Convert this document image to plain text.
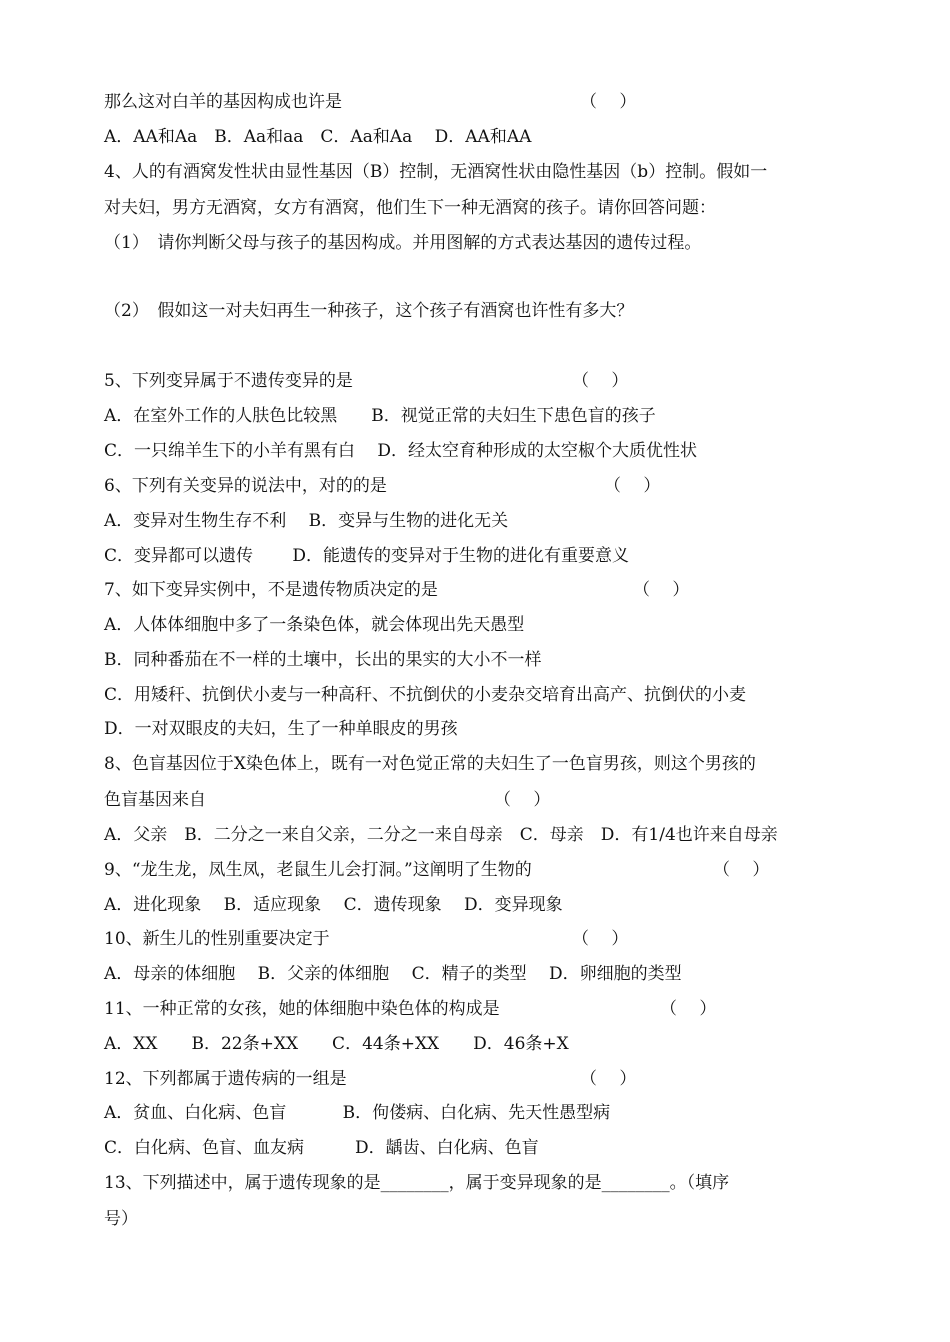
那么这对白羊的基因构成也许是	（　 ）
A．AA和Aa　B．Aa和aa　C．Aa和Aa　 D．AA和AA
4、人的有酒窝发性状由显性基因（B）控制，无酒窝性状由隐性基因（b）控制。假如一
对夫妇，男方无酒窝，女方有酒窝，他们生下一种无酒窝的孩子。请你回答问题：
（1）　请你判断父母与孩子的基因构成。并用图解的方式表达基因的遗传过程。
（2）　假如这一对夫妇再生一种孩子，这个孩子有酒窝也许性有多大？
5、下列变异属于不遗传变异的是	（　 ）
A．在室外工作的人肤色比较黑　　B．视觉正常的夫妇生下患色盲的孩子
C．一只绵羊生下的小羊有黑有白　 D．经太空育种形成的太空椒个大质优性状
6、下列有关变异的说法中，对的的是	（　 ）
A．变异对生物生存不利　 B．变异与生物的进化无关
C．变异都可以遗传　　 D．能遗传的变异对于生物的进化有重要意义
7、如下变异实例中，不是遗传物质决定的是	（　 ）
A．人体体细胞中多了一条染色体，就会体现出先天愚型
B．同种番茄在不一样的土壤中，长出的果实的大小不一样
C．用矮秆、抗倒伏小麦与一种高秆、不抗倒伏的小麦杂交培育出高产、抗倒伏的小麦
D．一对双眼皮的夫妇，生了一种单眼皮的男孩
8、色盲基因位于X染色体上，既有一对色觉正常的夫妇生了一色盲男孩，则这个男孩的
色盲基因来自	（　 ）
A．父亲　B．二分之一来自父亲，二分之一来自母亲　C．母亲　D．有1/4也许来自母亲
9、“龙生龙，凤生凤，老鼠生儿会打洞。”这阐明了生物的	（　 ）
A．进化现象　 B．适应现象　 C．遗传现象　 D．变异现象
10、新生儿的性别重要决定于	（　 ）
A．母亲的体细胞　 B．父亲的体细胞　 C．精子的类型　 D．卵细胞的类型
11、一种正常的女孩，她的体细胞中染色体的构成是	（　 ）
A．XX　　B．22条+XX　　C．44条+XX　　D．46条+X
12、下列都属于遗传病的一组是	（　 ）
A．贫血、白化病、色盲　　　 B．佝偻病、白化病、先天性愚型病
C．白化病、色盲、血友病　　　D．龋齿、白化病、色盲
13、下列描述中，属于遗传现象的是________，属于变异现象的是________。（填序
号）
